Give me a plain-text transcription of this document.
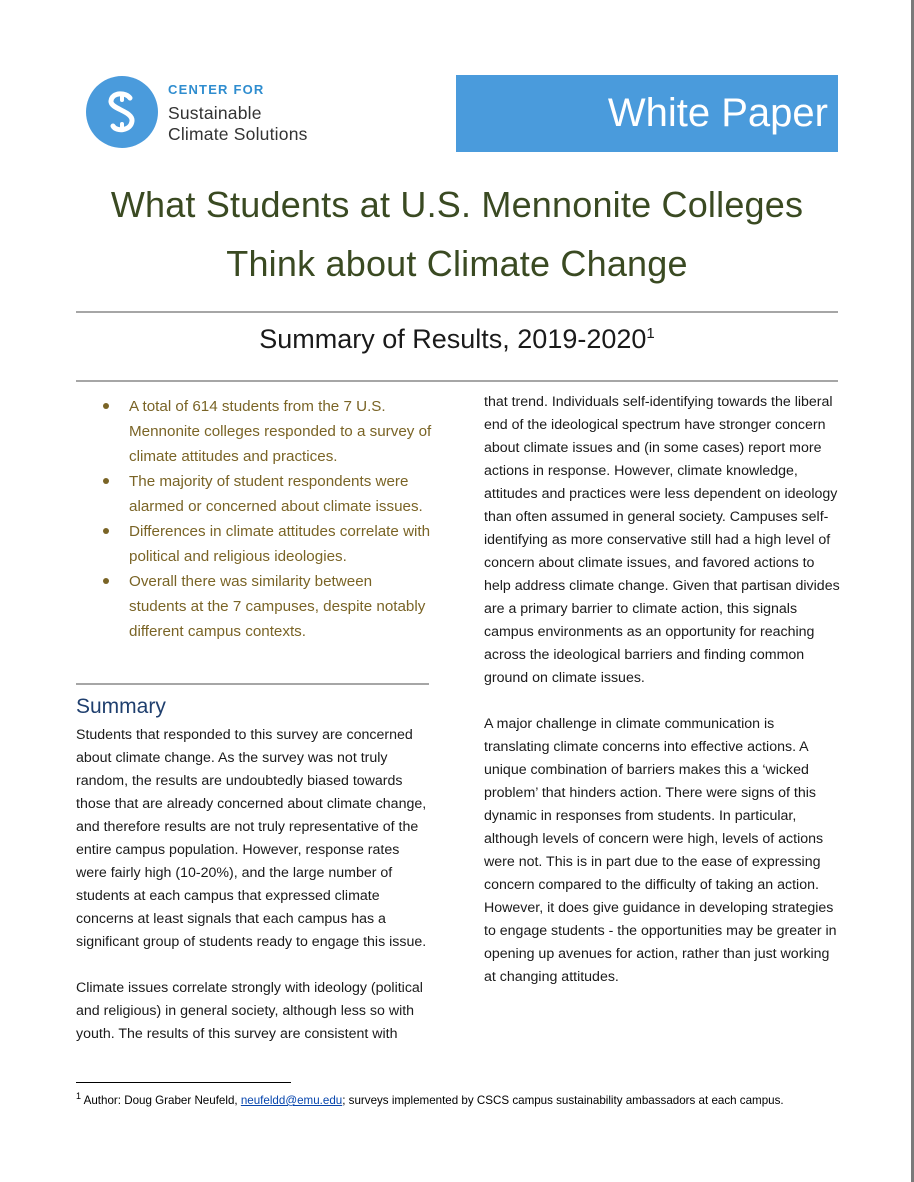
CENTER FOR
Sustainable
Climate Solutions	White Paper
What Students at U.S. Mennonite Colleges
Think about Climate Change
Summary of Results, 2019-2020$^1$
A total of 614 students from the 7 U.S. Mennonite colleges responded to a survey of climate attitudes and practices.
The majority of student respondents were alarmed or concerned about climate issues.
Differences in climate attitudes correlate with political and religious ideologies.
Overall there was similarity between students at the 7 campuses, despite notably different campus contexts.
Summary

Students that responded to this survey are concerned about climate change. As the survey was not truly random, the results are undoubtedly biased towards those that are already concerned about climate change, and therefore results are not truly representative of the entire campus population. However, response rates were fairly high (10-20%), and the large number of students at each campus that expressed climate concerns at least signals that each campus has a significant group of students ready to engage this issue.

Climate issues correlate strongly with ideology (political and religious) in general society, although less so with youth. The results of this survey are consistent with

that trend. Individuals self-identifying towards the liberal end of the ideological spectrum have stronger concern about climate issues and (in some cases) report more actions in response. However, climate knowledge, attitudes and practices were less dependent on ideology than often assumed in general society. Campuses self-identifying as more conservative still had a high level of concern about climate issues, and favored actions to help address climate change. Given that partisan divides are a primary barrier to climate action, this signals campus environments as an opportunity for reaching across the ideological barriers and finding common ground on climate issues.

A major challenge in climate communication is translating climate concerns into effective actions. A unique combination of barriers makes this a ‘wicked problem’ that hinders action. There were signs of this dynamic in responses from students. In particular, although levels of concern were high, levels of actions were not. This is in part due to the ease of expressing concern compared to the difficulty of taking an action. However, it does give guidance in developing strategies to engage students - the opportunities may be greater in opening up avenues for action, rather than just working at changing attitudes.

$^1$ Author: Doug Graber Neufeld, neufeldd@emu.edu; surveys implemented by CSCS campus sustainability ambassadors at each campus.
